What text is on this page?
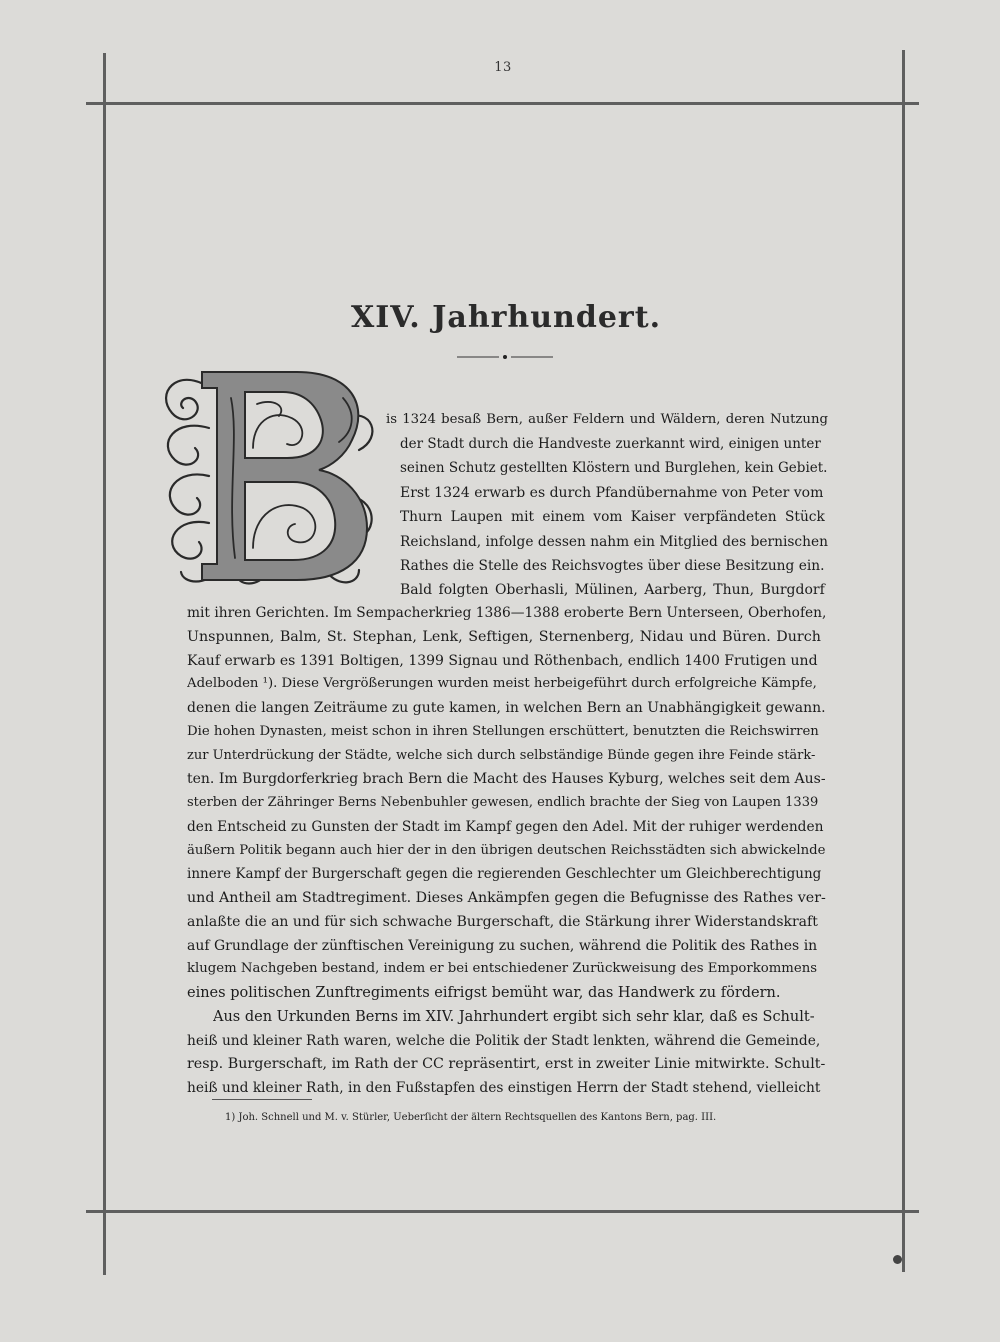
13
XIV. Jahrhundert.
is 1324 besaß Bern, außer Feldern und Wäldern, deren Nutzung
der Stadt durch die Handveste zuerkannt wird, einigen unter
seinen Schutz gestellten Klöstern und Burglehen, kein Gebiet.
Erst 1324 erwarb es durch Pfandübernahme von Peter vom
Thurn Laupen mit einem vom Kaiser verpfändeten Stück
Reichsland, infolge dessen nahm ein Mitglied des bernischen
Rathes die Stelle des Reichsvogtes über diese Besitzung ein.
Bald folgten Oberhasli, Mülinen, Aarberg, Thun, Burgdorf
mit ihren Gerichten. Im Sempacherkrieg 1386—1388 eroberte Bern Unterseen, Oberhofen,
Unspunnen, Balm, St. Stephan, Lenk, Seftigen, Sternenberg, Nidau und Büren. Durch
Kauf erwarb es 1391 Boltigen, 1399 Signau und Röthenbach, endlich 1400 Frutigen und
Adelboden ¹). Diese Vergrößerungen wurden meist herbeigeführt durch erfolgreiche Kämpfe,
denen die langen Zeiträume zu gute kamen, in welchen Bern an Unabhängigkeit gewann.
Die hohen Dynasten, meist schon in ihren Stellungen erschüttert, benutzten die Reichswirren
zur Unterdrückung der Städte, welche sich durch selbständige Bünde gegen ihre Feinde stärk-
ten. Im Burgdorferkrieg brach Bern die Macht des Hauses Kyburg, welches seit dem Aus-
sterben der Zähringer Berns Nebenbuhler gewesen, endlich brachte der Sieg von Laupen 1339
den Entscheid zu Gunsten der Stadt im Kampf gegen den Adel. Mit der ruhiger werdenden
äußern Politik begann auch hier der in den übrigen deutschen Reichsstädten sich abwickelnde
innere Kampf der Burgerschaft gegen die regierenden Geschlechter um Gleichberechtigung
und Antheil am Stadtregiment. Dieses Ankämpfen gegen die Befugnisse des Rathes ver-
anlaßte die an und für sich schwache Burgerschaft, die Stärkung ihrer Widerstandskraft
auf Grundlage der zünftischen Vereinigung zu suchen, während die Politik des Rathes in
klugem Nachgeben bestand, indem er bei entschiedener Zurückweisung des Emporkommens
eines politischen Zunftregiments eifrigst bemüht war, das Handwerk zu fördern.
Aus den Urkunden Berns im XIV. Jahrhundert ergibt sich sehr klar, daß es Schult-
heiß und kleiner Rath waren, welche die Politik der Stadt lenkten, während die Gemeinde,
resp. Burgerschaft, im Rath der CC repräsentirt, erst in zweiter Linie mitwirkte. Schult-
heiß und kleiner Rath, in den Fußstapfen des einstigen Herrn der Stadt stehend, vielleicht
1) Joh. Schnell und M. v. Stürler, Ueberſicht der ältern Rechtsquellen des Kantons Bern, pag. III.
